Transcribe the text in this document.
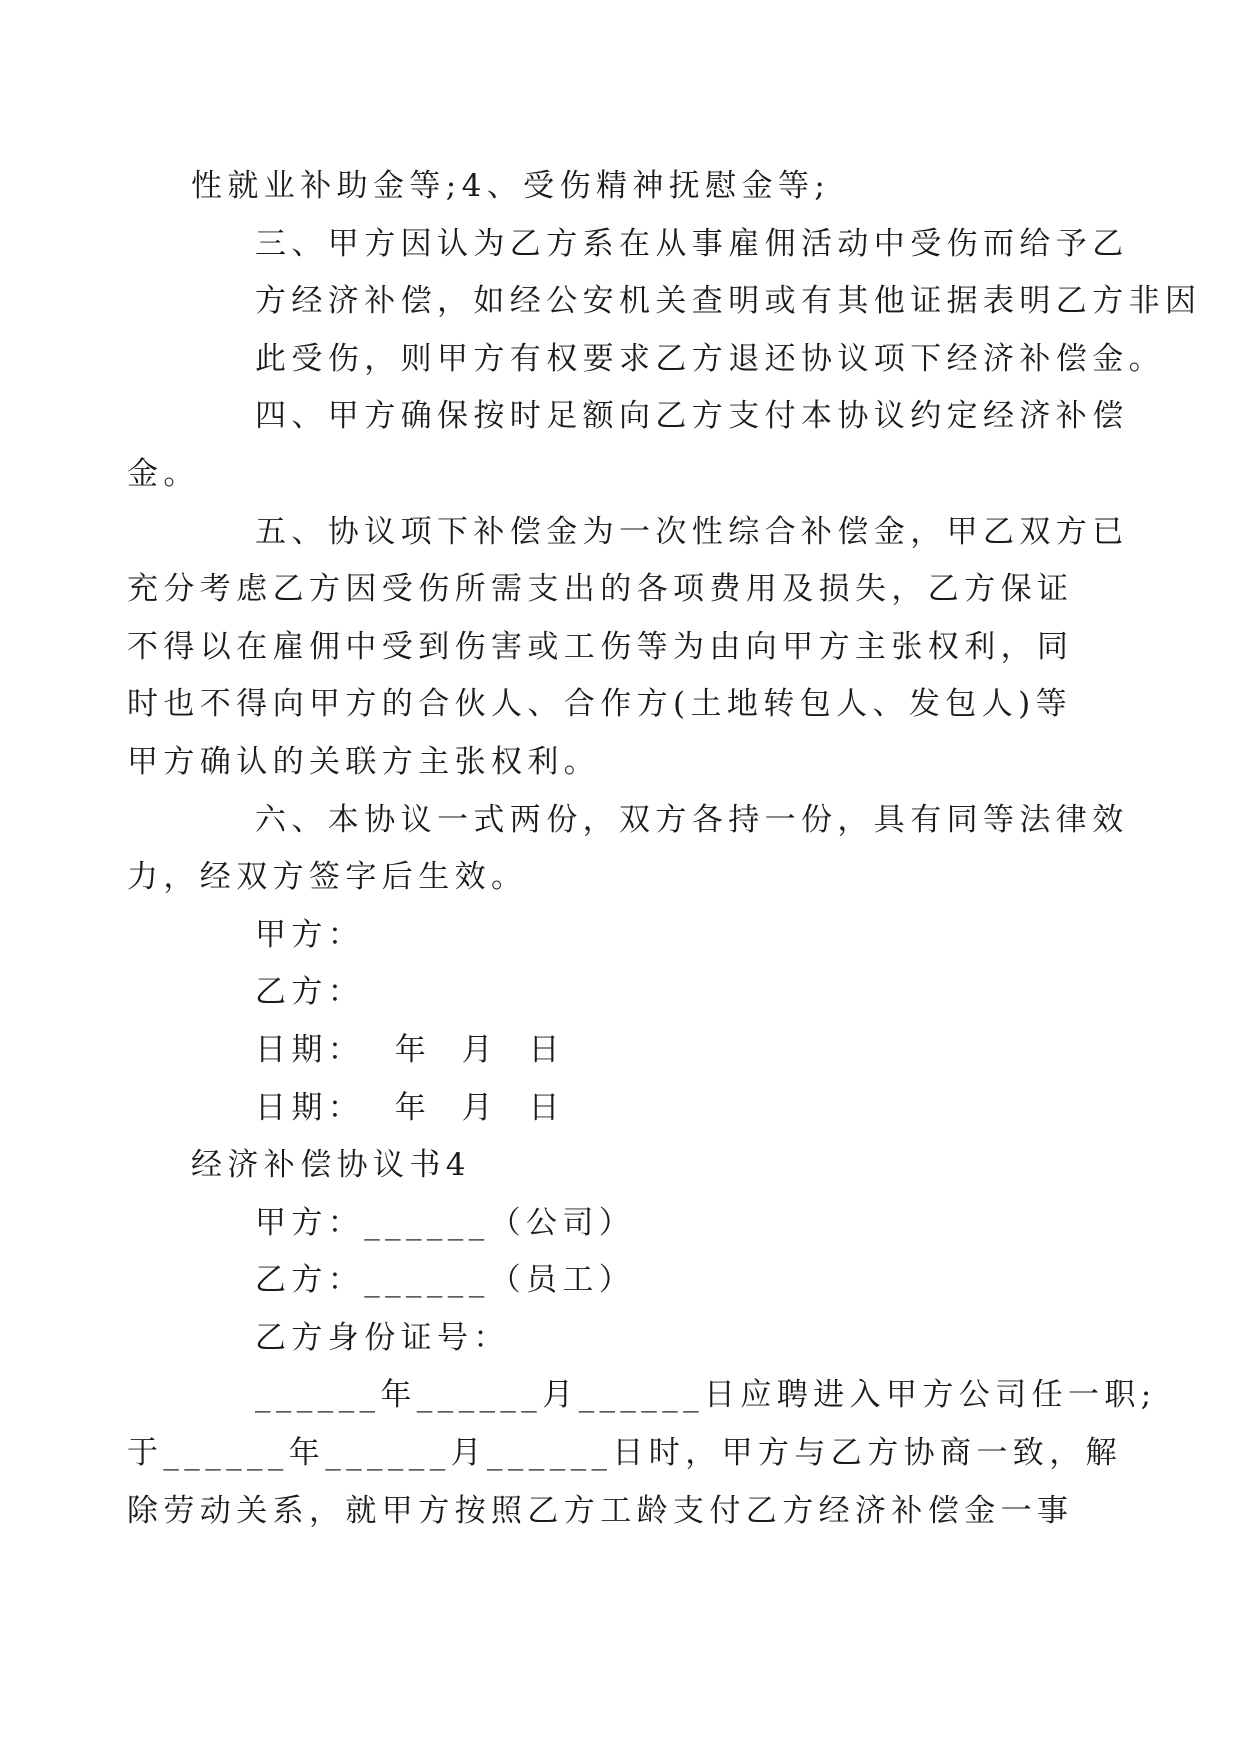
性就业补助金等;4、受伤精神抚慰金等;

三、甲方因认为乙方系在从事雇佣活动中受伤而给予乙
方经济补偿，如经公安机关查明或有其他证据表明乙方非因
此受伤，则甲方有权要求乙方退还协议项下经济补偿金。

四、甲方确保按时足额向乙方支付本协议约定经济补偿
金。

五、协议项下补偿金为一次性综合补偿金，甲乙双方已
充分考虑乙方因受伤所需支出的各项费用及损失，乙方保证
不得以在雇佣中受到伤害或工伤等为由向甲方主张权利，同
时也不得向甲方的合伙人、合作方(土地转包人、发包人)等
甲方确认的关联方主张权利。

六、本协议一式两份，双方各持一份，具有同等法律效
力，经双方签字后生效。

甲方：

乙方：

日期：  年  月  日

日期：  年  月  日

经济补偿协议书4

甲方：______（公司）

乙方：______（员工）

乙方身份证号：

______年______月______日应聘进入甲方公司任一职;
于______年______月______日时，甲方与乙方协商一致，解
除劳动关系，就甲方按照乙方工龄支付乙方经济补偿金一事
